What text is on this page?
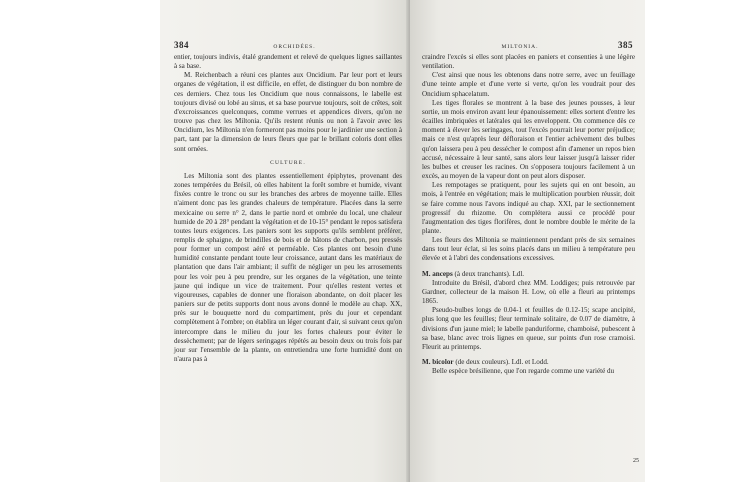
384	ORCHIDÉES.

entier, toujours indivis, étalé grandement et relevé de quelques lignes saillantes à sa base.

M. Reichenbach a réuni ces plantes aux Oncidium. Par leur port et leurs organes de végétation, il est difficile, en effet, de distinguer du bon nombre de ces derniers. Chez tous les Oncidium que nous connaissons, le labelle est toujours divisé ou lobé au sinus, et sa base pourvue toujours, soit de crêtes, soit d'excroissances quelconques, comme verrues et appendices divers, qu'on ne trouve pas chez les Miltonia. Qu'ils restent réunis ou non à l'avoir avec les Oncidium, les Miltonia n'en formeront pas moins pour le jardinier une section à part, tant par la dimension de leurs fleurs que par le brillant coloris dont elles sont ornées.

CULTURE.

Les Miltonia sont des plantes essentiellement épiphytes, provenant des zones tempérées du Brésil, où elles habitent la forêt sombre et humide, vivant fixées contre le tronc ou sur les branches des arbres de moyenne taille. Elles n'aiment donc pas les grandes chaleurs de température. Placées dans la serre mexicaine ou serre n° 2, dans le partie nord et ombrée du local, une chaleur humide de 20 à 28° pendant la végétation et de 10-15° pendant le repos satisfera toutes leurs exigences. Les paniers sont les supports qu'ils semblent préférer, remplis de sphaigne, de brindilles de bois et de bâtons de charbon, peu pressés pour former un compost aéré et perméable. Ces plantes ont besoin d'une humidité constante pendant toute leur croissance, autant dans les matériaux de plantation que dans l'air ambiant; il suffit de négliger un peu les arrosements pour les voir peu à peu prendre, sur les organes de la végétation, une teinte jaune qui indique un vice de traitement. Pour qu'elles restent vertes et vigoureuses, capables de donner une floraison abondante, on doit placer les paniers sur de petits supports dont nous avons donné le modèle au chap. XX, près sur le bouquette nord du compartiment, près du jour et cependant complètement à l'ombre; on établira un léger courant d'air, si suivant ceux qu'on intercompre dans le milieu du jour les fortes chaleurs pour éviter le dessèchement; par de légers seringages répétés au besoin deux ou trois fois par jour sur l'ensemble de la plante, on entretiendra une forte humidité dont on n'aura pas à

MILTONIA.	385

craindre l'excès si elles sont placées en paniers et consenties à une légère ventilation.

C'est ainsi que nous les obtenons dans notre serre, avec un feuillage d'une teinte ample et d'une verte si verte, qu'on les voudrait pour des Oncidium sphacelatum.

Les tiges florales se montrent à la base des jeunes pousses, à leur sortie, un mois environ avant leur épanouissement: elles sortent d'entre les écailles imbriquées et latérales qui les enveloppent. On commence dès ce moment à élever les seringages, tout l'excès pourrait leur porter préjudice; mais ce n'est qu'après leur défloraison et l'entier achèvement des bulbes qu'on laissera peu à peu dessécher le compost afin d'amener un repos bien accusé, nécessaire à leur santé, sans alors leur laisser jusqu'à laisser rider les bulbes et creuser les racines. On s'opposera toujours facilement à un excès, au moyen de la vapeur dont on peut alors disposer.

Les rempotages se pratiquent, pour les sujets qui en ont besoin, au mois, à l'entrée en végétation; mais le multiplication pourbien réussir, doit se faire comme nous l'avons indiqué au chap. XXI, par le sectionnement progressif du rhizome. On complétera aussi ce procédé pour l'augmentation des tiges florifères, dont le nombre double le mérite de la plante.

Les fleurs des Miltonia se maintiennent pendant près de six semaines dans tout leur éclat, si les soins placés dans un milieu à température peu élevée et à l'abri des condensations excessives.

M. anceps (à deux tranchants). Ldl.

Introduite du Brésil, d'abord chez MM. Loddiges; puis retrouvée par Gardner, collecteur de la maison H. Low, où elle a fleuri au printemps 1865.

Pseudo-bulbes longs de 0.04-1 et feuilles de 0.12-15; scape ancipité, plus long que les feuilles; fleur terminale solitaire, de 0.07 de diamètre, à divisions d'un jaune miel; le labelle panduriforme, chamboisé, pubescent à sa base, blanc avec trois lignes en queue, sur points d'un rose cramoisi. Fleurit au printemps.

M. bicolor (de deux couleurs). Ldl. et Lodd.

Belle espèce brésilienne, que l'on regarde comme une variété du

25
